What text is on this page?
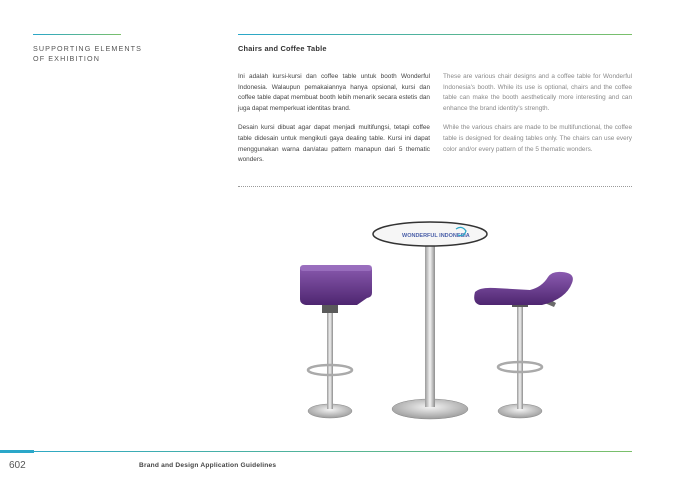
SUPPORTING ELEMENTS
OF EXHIBITION
Chairs and Coffee Table

Ini adalah kursi-kursi dan coffee table untuk booth Wonderful Indonesia. Walaupun pemakaiannya hanya opsional, kursi dan coffee table dapat membuat booth lebih menarik secara estetis dan juga dapat memperkuat identitas brand.

Desain kursi dibuat agar dapat menjadi multifungsi, tetapi coffee table didesain untuk mengikuti gaya dealing table. Kursi ini dapat menggunakan warna dan/atau pattern manapun dari 5 thematic wonders.

These are various chair designs and a coffee table for Wonderful Indonesia's booth. While its use is optional, chairs and the coffee table can make the booth aesthetically more interesting and can enhance the brand identity's strength.

While the various chairs are made to be multifunctional, the coffee table is designed for dealing tables only. The chairs can use every color and/or every pattern of the 5 thematic wonders.

WONDERFUL INDONESIA
602	Brand and Design Application Guidelines
